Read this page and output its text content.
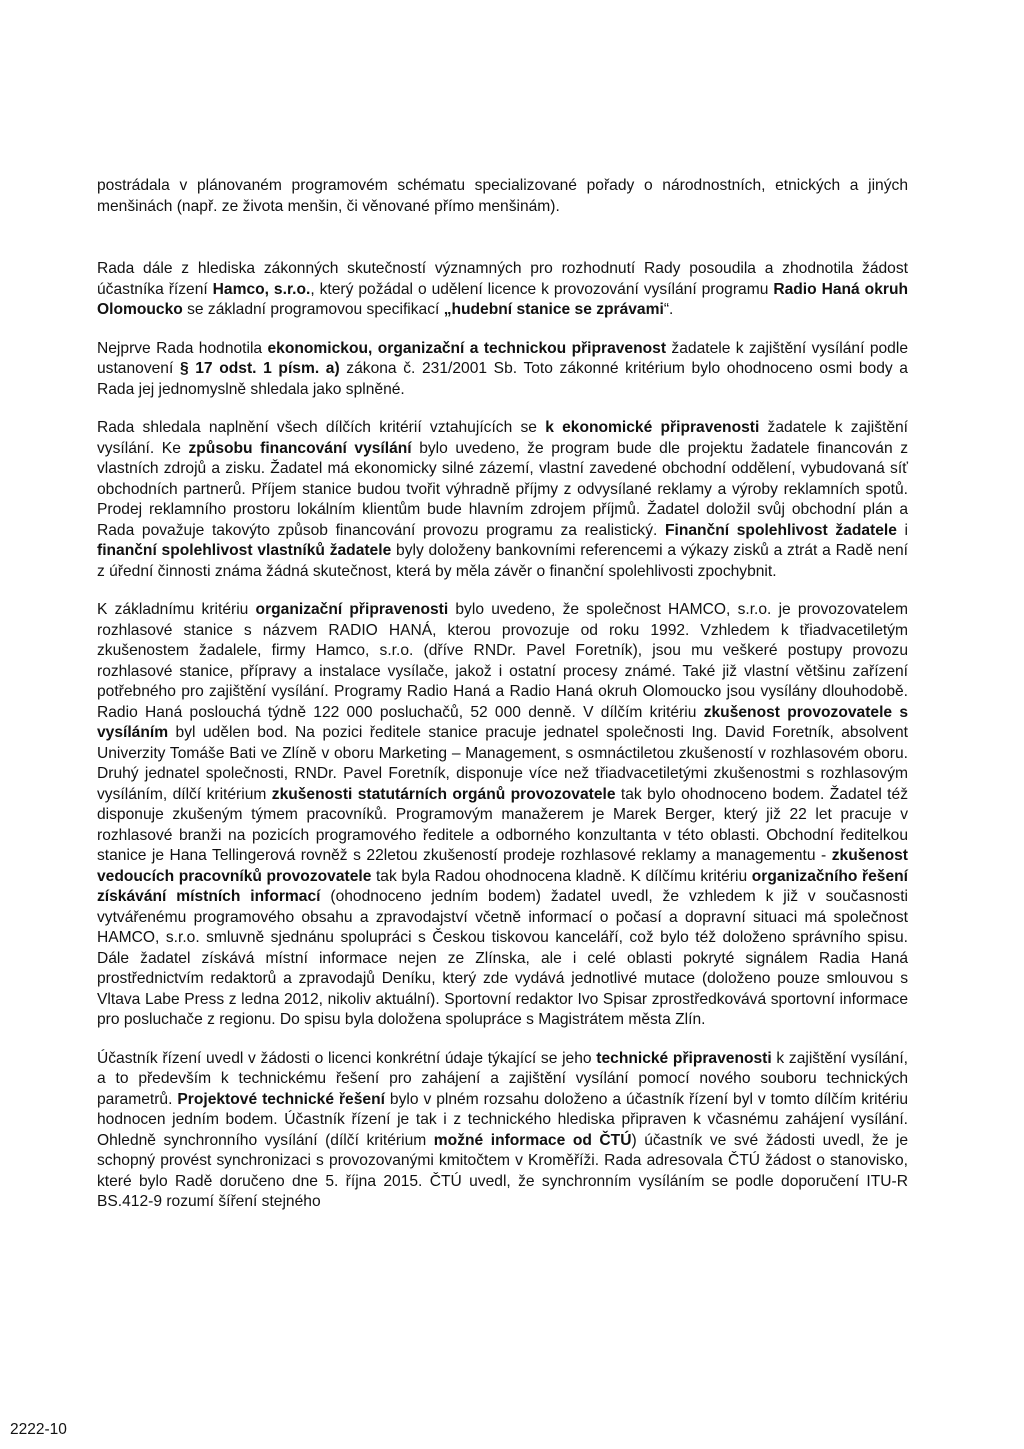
postrádala v plánovaném programovém schématu specializované pořady o národnostních, etnických a jiných menšinách (např. ze života menšin, či věnované přímo menšinám).

Rada dále z hlediska zákonných skutečností významných pro rozhodnutí Rady posoudila a zhodnotila žádost účastníka řízení Hamco, s.r.o., který požádal o udělení licence k provozování vysílání programu Radio Haná okruh Olomoucko se základní programovou specifikací „hudební stanice se zprávami“.

Nejprve Rada hodnotila ekonomickou, organizační a technickou připravenost žadatele k zajištění vysílání podle ustanovení § 17 odst. 1 písm. a) zákona č. 231/2001 Sb. Toto zákonné kritérium bylo ohodnoceno osmi body a Rada jej jednomyslně shledala jako splněné.

Rada shledala naplnění všech dílčích kritérií vztahujících se k ekonomické připravenosti žadatele k zajištění vysílání. Ke způsobu financování vysílání bylo uvedeno, že program bude dle projektu žadatele financován z vlastních zdrojů a zisku. Žadatel má ekonomicky silné zázemí, vlastní zavedené obchodní oddělení, vybudovaná síť obchodních partnerů. Příjem stanice budou tvořit výhradně příjmy z odvysílané reklamy a výroby reklamních spotů. Prodej reklamního prostoru lokálním klientům bude hlavním zdrojem příjmů. Žadatel doložil svůj obchodní plán a Rada považuje takovýto způsob financování provozu programu za realistický. Finanční spolehlivost žadatele i finanční spolehlivost vlastníků žadatele byly doloženy bankovními referencemi a výkazy zisků a ztrát a Radě není z úřední činnosti známa žádná skutečnost, která by měla závěr o finanční spolehlivosti zpochybnit.

K základnímu kritériu organizační připravenosti bylo uvedeno, že společnost HAMCO, s.r.o. je provozovatelem rozhlasové stanice s názvem RADIO HANÁ, kterou provozuje od roku 1992. Vzhledem k třiadvacetiletým zkušenostem žadalele, firmy Hamco, s.r.o. (dříve RNDr. Pavel Foretník), jsou mu veškeré postupy provozu rozhlasové stanice, přípravy a instalace vysílače, jakož i ostatní procesy známé. Také již vlastní většinu zařízení potřebného pro zajištění vysílání. Programy Radio Haná a Radio Haná okruh Olomoucko jsou vysílány dlouhodobě. Radio Haná poslouchá týdně 122 000 posluchačů, 52 000 denně. V dílčím kritériu zkušenost provozovatele s vysíláním byl udělen bod. Na pozici ředitele stanice pracuje jednatel společnosti Ing. David Foretník, absolvent Univerzity Tomáše Bati ve Zlíně v oboru Marketing – Management, s osmnáctiletou zkušeností v rozhlasovém oboru. Druhý jednatel společnosti, RNDr. Pavel Foretník, disponuje více než třiadvacetiletými zkušenostmi s rozhlasovým vysíláním, dílčí kritérium zkušenosti statutárních orgánů provozovatele tak bylo ohodnoceno bodem. Žadatel též disponuje zkušeným týmem pracovníků. Programovým manažerem je Marek Berger, který již 22 let pracuje v rozhlasové branži na pozicích programového ředitele a odborného konzultanta v této oblasti. Obchodní ředitelkou stanice je Hana Tellingerová rovněž s 22letou zkušeností prodeje rozhlasové reklamy a managementu - zkušenost vedoucích pracovníků provozovatele tak byla Radou ohodnocena kladně. K dílčímu kritériu organizačního řešení získávání místních informací (ohodnoceno jedním bodem) žadatel uvedl, že vzhledem k již v současnosti vytvářenému programového obsahu a zpravodajství včetně informací o počasí a dopravní situaci má společnost HAMCO, s.r.o. smluvně sjednánu spolupráci s Českou tiskovou kanceláří, což bylo též doloženo správního spisu. Dále žadatel získává místní informace nejen ze Zlínska, ale i celé oblasti pokryté signálem Radia Haná prostřednictvím redaktorů a zpravodajů Deníku, který zde vydává jednotlivé mutace (doloženo pouze smlouvou s Vltava Labe Press z ledna 2012, nikoliv aktuální). Sportovní redaktor Ivo Spisar zprostředkovává sportovní informace pro posluchače z regionu. Do spisu byla doložena spolupráce s Magistrátem města Zlín.

Účastník řízení uvedl v žádosti o licenci konkrétní údaje týkající se jeho technické připravenosti k zajištění vysílání, a to především k technickému řešení pro zahájení a zajištění vysílání pomocí nového souboru technických parametrů. Projektové technické řešení bylo v plném rozsahu doloženo a účastník řízení byl v tomto dílčím kritériu hodnocen jedním bodem. Účastník řízení je tak i z technického hlediska připraven k včasnému zahájení vysílání. Ohledně synchronního vysílání (dílčí kritérium možné informace od ČTÚ) účastník ve své žádosti uvedl, že je schopný provést synchronizaci s provozovanými kmitočtem v Kroměříži. Rada adresovala ČTÚ žádost o stanovisko, které bylo Radě doručeno dne 5. října 2015. ČTÚ uvedl, že synchronním vysíláním se podle doporučení ITU-R BS.412-9 rozumí šíření stejného

2222-10
